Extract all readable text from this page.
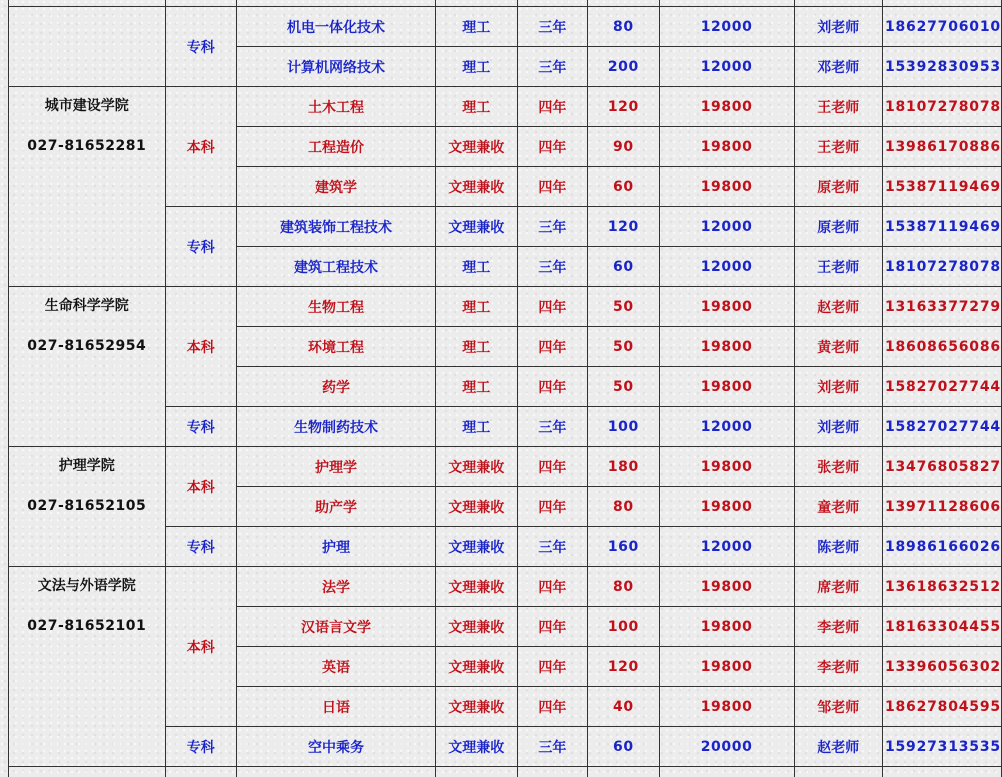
	专科	机电一体化技术	理工	三年	80	12000	刘老师	18627706010
		计算机网络技术	理工	三年	200	12000	邓老师	15392830953

城市建设学院
027-81652281	本科	土木工程	理工	四年	120	19800	王老师	18107278078
		工程造价	文理兼收	四年	90	19800	王老师	13986170886
		建筑学	文理兼收	四年	60	19800	原老师	15387119469
	专科	建筑装饰工程技术	文理兼收	三年	120	12000	原老师	15387119469
		建筑工程技术	理工	三年	60	12000	王老师	18107278078

生命科学学院
027-81652954	本科	生物工程	理工	四年	50	19800	赵老师	13163377279
		环境工程	理工	四年	50	19800	黄老师	18608656086
		药学	理工	四年	50	19800	刘老师	15827027744
	专科	生物制药技术	理工	三年	100	12000	刘老师	15827027744

护理学院
027-81652105	本科	护理学	文理兼收	四年	180	19800	张老师	13476805827
		助产学	文理兼收	四年	80	19800	童老师	13971128606
	专科	护理	文理兼收	三年	160	12000	陈老师	18986166026

文法与外语学院
027-81652101	本科	法学	文理兼收	四年	80	19800	席老师	13618632512
		汉语言文学	文理兼收	四年	100	19800	李老师	18163304455
		英语	文理兼收	四年	120	19800	李老师	13396056302
		日语	文理兼收	四年	40	19800	邹老师	18627804595
	专科	空中乘务	文理兼收	三年	60	20000	赵老师	15927313535
